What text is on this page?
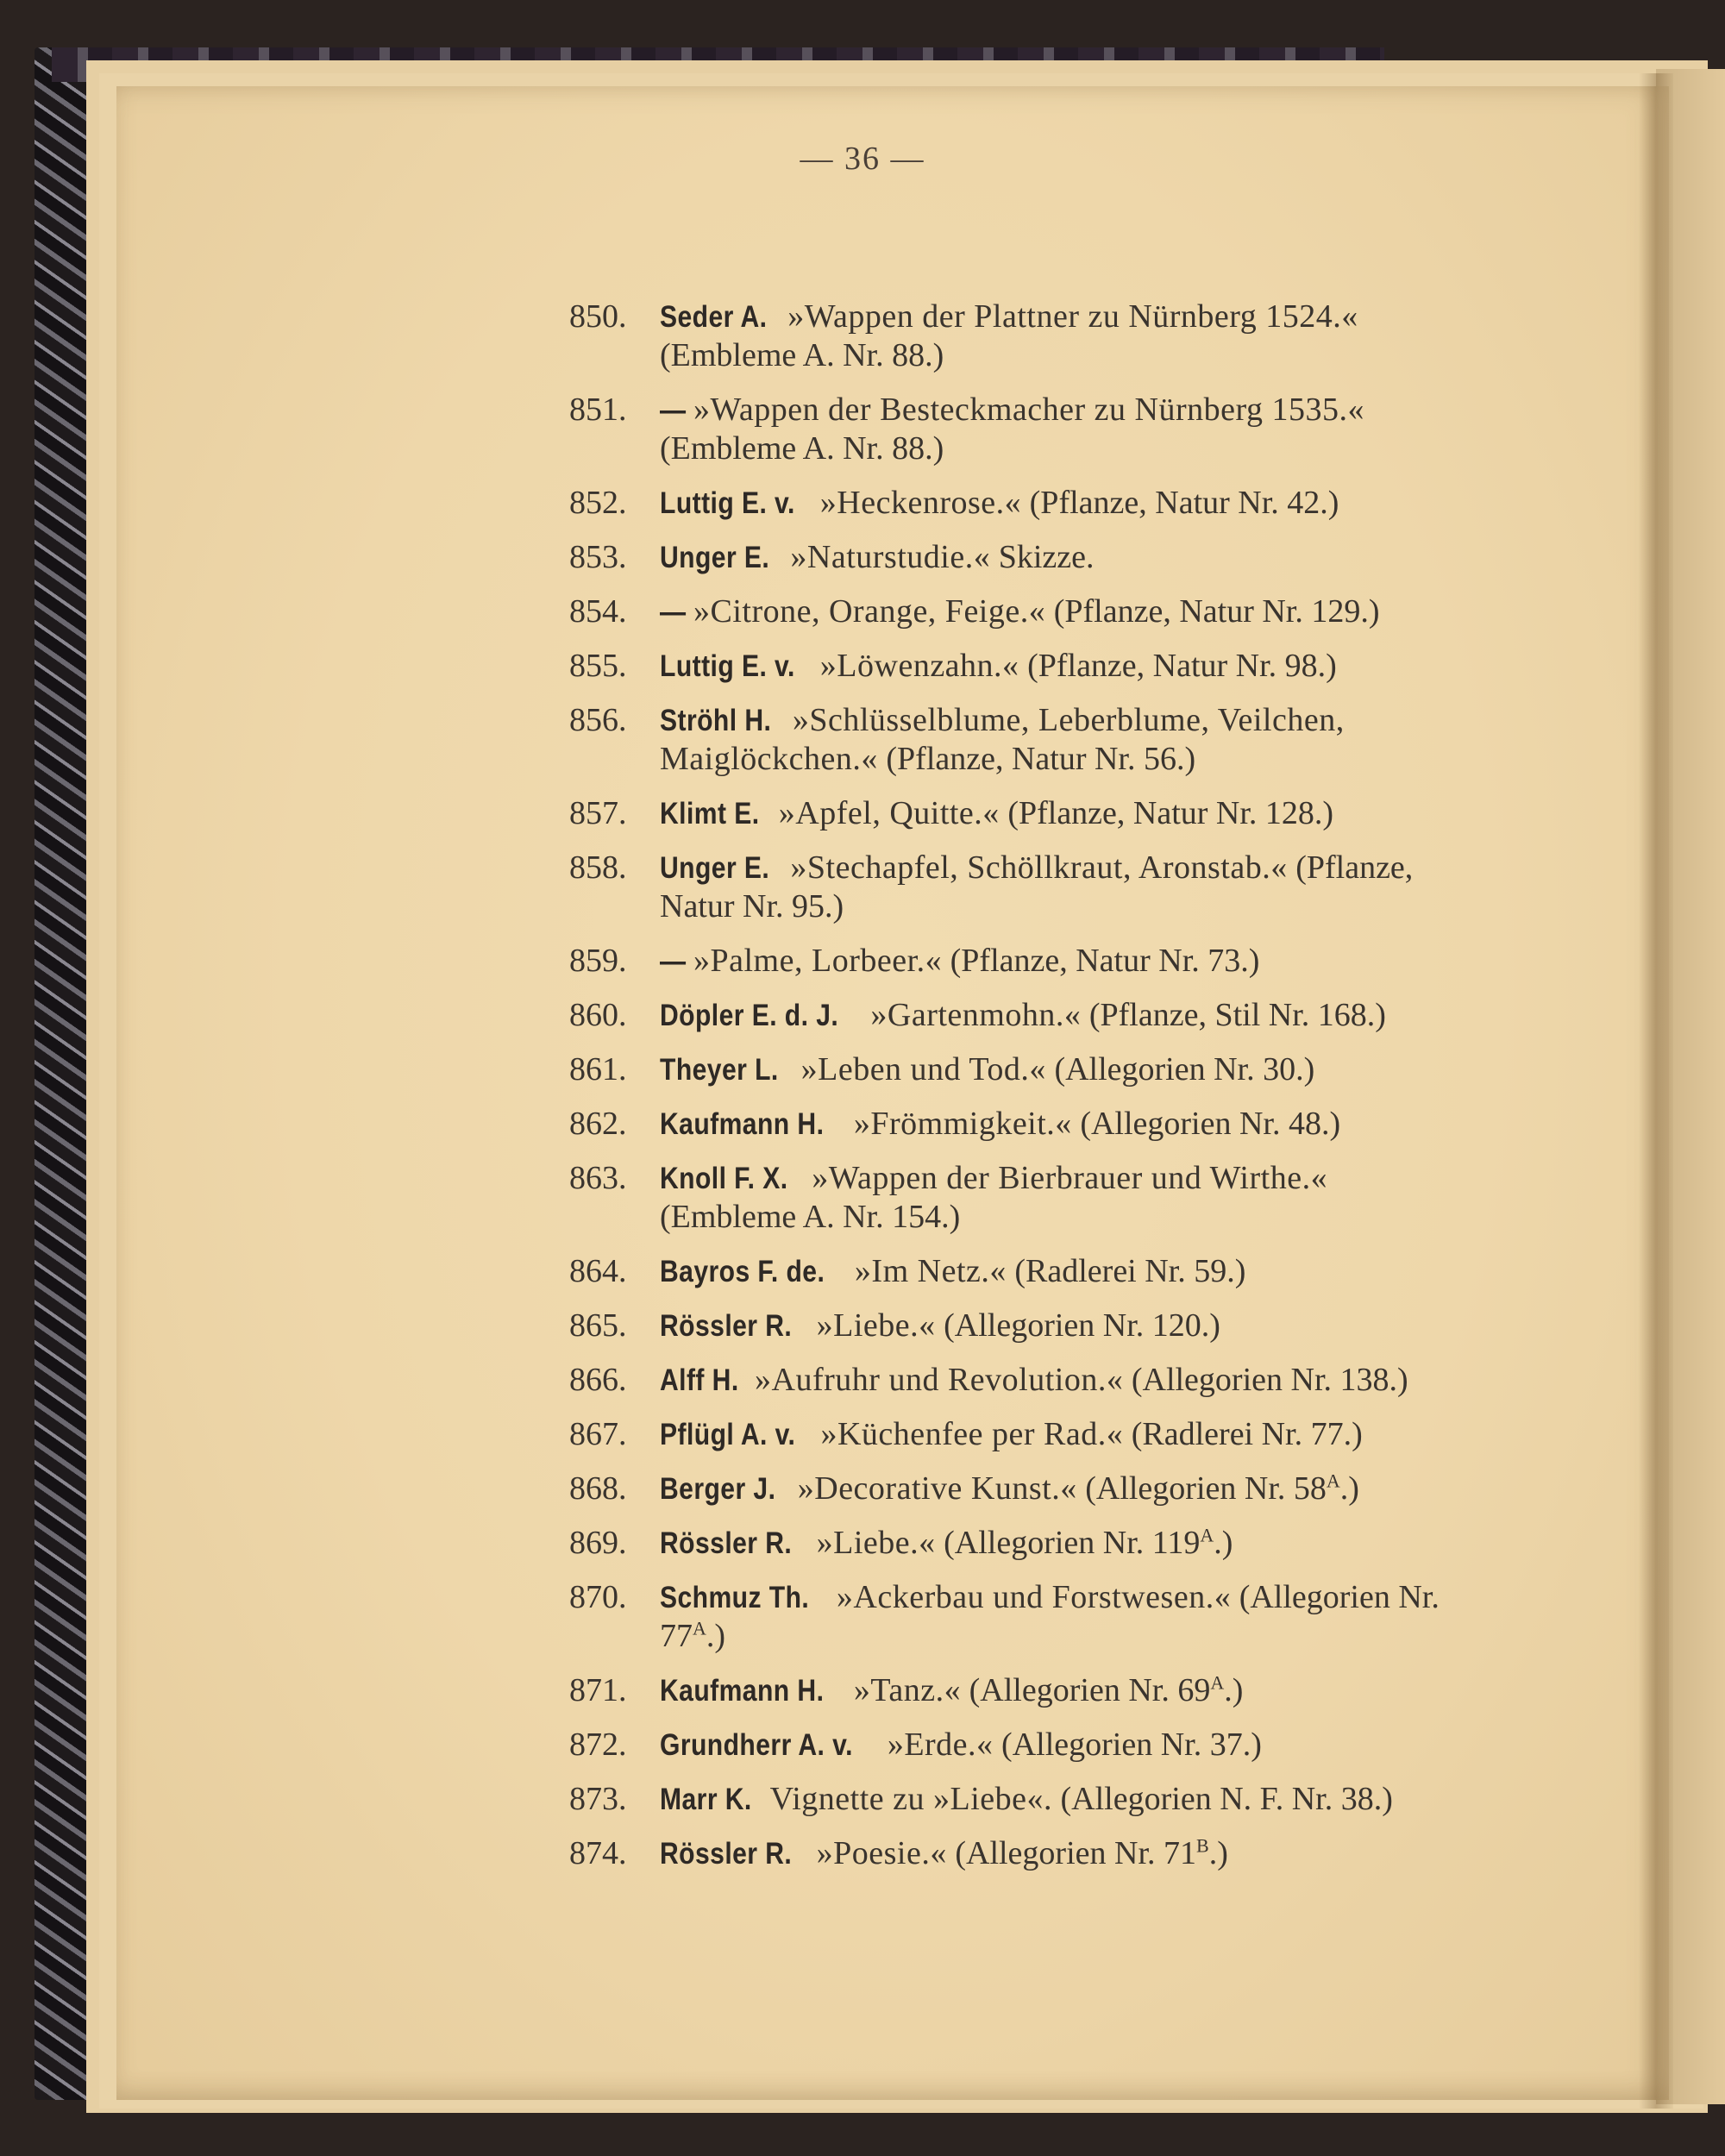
— 36 —
850.	Seder A. »Wappen der Plattner zu Nürnberg 1524.« (Embleme A. Nr. 88.)
851.	— »Wappen der Besteckmacher zu Nürnberg 1535.« (Embleme A. Nr. 88.)
852.	Luttig E. v. »Heckenrose.« (Pflanze, Natur Nr. 42.)
853.	Unger E. »Naturstudie.« Skizze.
854.	— »Citrone, Orange, Feige.« (Pflanze, Natur Nr. 129.)
855.	Luttig E. v. »Löwenzahn.« (Pflanze, Natur Nr. 98.)
856.	Ströhl H. »Schlüsselblume, Leberblume, Veilchen, Maiglöckchen.« (Pflanze, Natur Nr. 56.)
857.	Klimt E. »Apfel, Quitte.« (Pflanze, Natur Nr. 128.)
858.	Unger E. »Stechapfel, Schöllkraut, Aronstab.« (Pflanze, Natur Nr. 95.)
859.	— »Palme, Lorbeer.« (Pflanze, Natur Nr. 73.)
860.	Döpler E. d. J. »Gartenmohn.« (Pflanze, Stil Nr. 168.)
861.	Theyer L. »Leben und Tod.« (Allegorien Nr. 30.)
862.	Kaufmann H. »Frömmigkeit.« (Allegorien Nr. 48.)
863.	Knoll F. X. »Wappen der Bierbrauer und Wirthe.« (Embleme A. Nr. 154.)
864.	Bayros F. de. »Im Netz.« (Radlerei Nr. 59.)
865.	Rössler R. »Liebe.« (Allegorien Nr. 120.)
866.	Alff H. »Aufruhr und Revolution.« (Allegorien Nr. 138.)
867.	Pflügl A. v. »Küchenfee per Rad.« (Radlerei Nr. 77.)
868.	Berger J. »Decorative Kunst.« (Allegorien Nr. $58^A$.)
869.	Rössler R. »Liebe.« (Allegorien Nr. $119^A$.)
870.	Schmuz Th. »Ackerbau und Forstwesen.« (Allegorien Nr. $77^A$.)
871.	Kaufmann H. »Tanz.« (Allegorien Nr. $69^A$.)
872.	Grundherr A. v. »Erde.« (Allegorien Nr. 37.)
873.	Marr K. Vignette zu »Liebe«. (Allegorien N. F. Nr. 38.)
874.	Rössler R. »Poesie.« (Allegorien Nr. $71^B$.)
